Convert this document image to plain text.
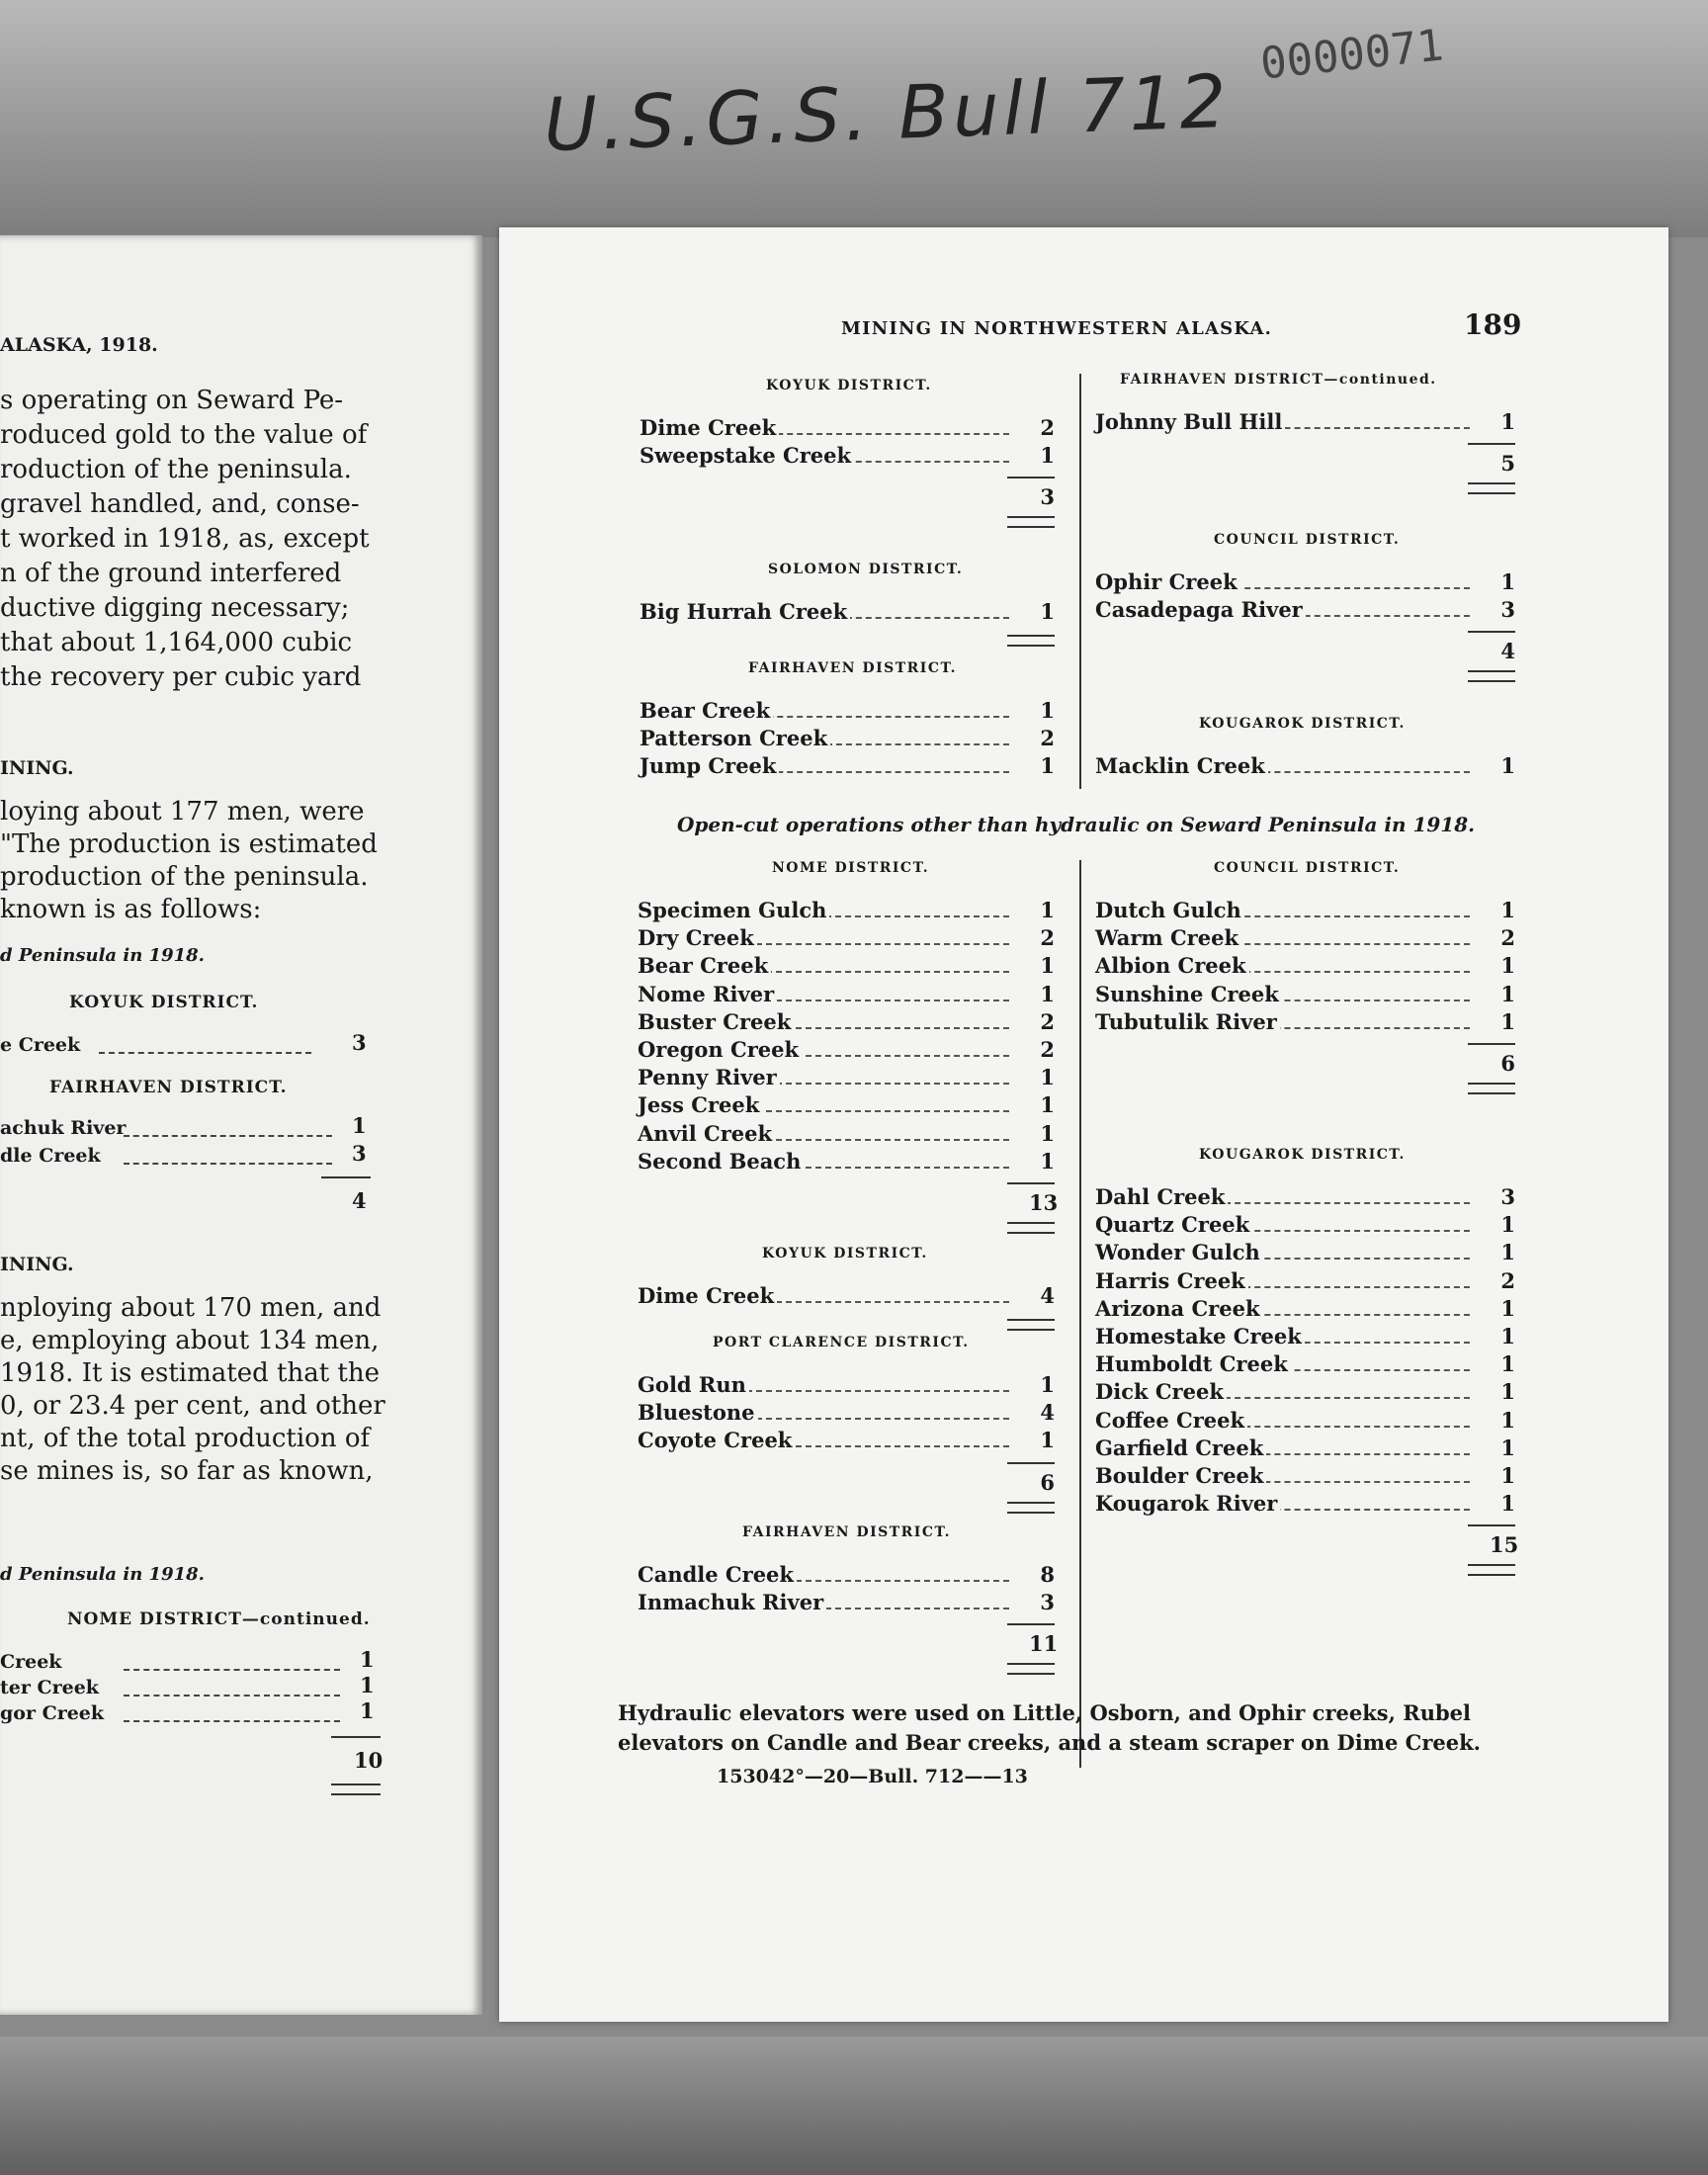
U.S.G.S. Bull 712
0000071
ALASKA, 1918.
s operating on Seward Pe-
roduced gold to the value of
roduction of the peninsula.
gravel handled, and, conse-
t worked in 1918, as, except
n of the ground interfered
ductive digging necessary;
that about 1,164,000 cubic
the recovery per cubic yard
INING.
loying about 177 men, were
"The production is estimated
production of the peninsula.
known is as follows:
d Peninsula in 1918.
KOYUK DISTRICT.
e Creek	3
FAIRHAVEN DISTRICT.
achuk River	1
dle Creek	3
4
INING.
nploying about 170 men, and
e, employing about 134 men,
1918. It is estimated that the
0, or 23.4 per cent, and other
nt, of the total production of
se mines is, so far as known,
d Peninsula in 1918.
NOME DISTRICT—continued.
Creek	1
ter Creek	1
gor Creek	1
10
MINING IN NORTHWESTERN ALASKA.	189
Open-cut operations other than hydraulic on Seward Peninsula in 1918.
Hydraulic elevators were used on Little, Osborn, and Ophir creeks, Rubel
elevators on Candle and Bear creeks, and a steam scraper on Dime Creek.
153042°—20—Bull. 712——13
KOYUK DISTRICT.
Dime Creek	2
Sweepstake Creek	1
3
SOLOMON DISTRICT.
Big Hurrah Creek	1
FAIRHAVEN DISTRICT.
Bear Creek	1
Patterson Creek	2
Jump Creek	1
FAIRHAVEN DISTRICT—continued.
Johnny Bull Hill	1
5
COUNCIL DISTRICT.
Ophir Creek	1
Casadepaga River	3
4
KOUGAROK DISTRICT.
Macklin Creek	1
NOME DISTRICT.
Specimen Gulch	1
Dry Creek	2
Bear Creek	1
Nome River	1
Buster Creek	2
Oregon Creek	2
Penny River	1
Jess Creek	1
Anvil Creek	1
Second Beach	1
13
KOYUK DISTRICT.
Dime Creek	4
PORT CLARENCE DISTRICT.
Gold Run	1
Bluestone	4
Coyote Creek	1
6
FAIRHAVEN DISTRICT.
Candle Creek	8
Inmachuk River	3
11
COUNCIL DISTRICT.
Dutch Gulch	1
Warm Creek	2
Albion Creek	1
Sunshine Creek	1
Tubutulik River	1
6
KOUGAROK DISTRICT.
Dahl Creek	3
Quartz Creek	1
Wonder Gulch	1
Harris Creek	2
Arizona Creek	1
Homestake Creek	1
Humboldt Creek	1
Dick Creek	1
Coffee Creek	1
Garfield Creek	1
Boulder Creek	1
Kougarok River	1
15
